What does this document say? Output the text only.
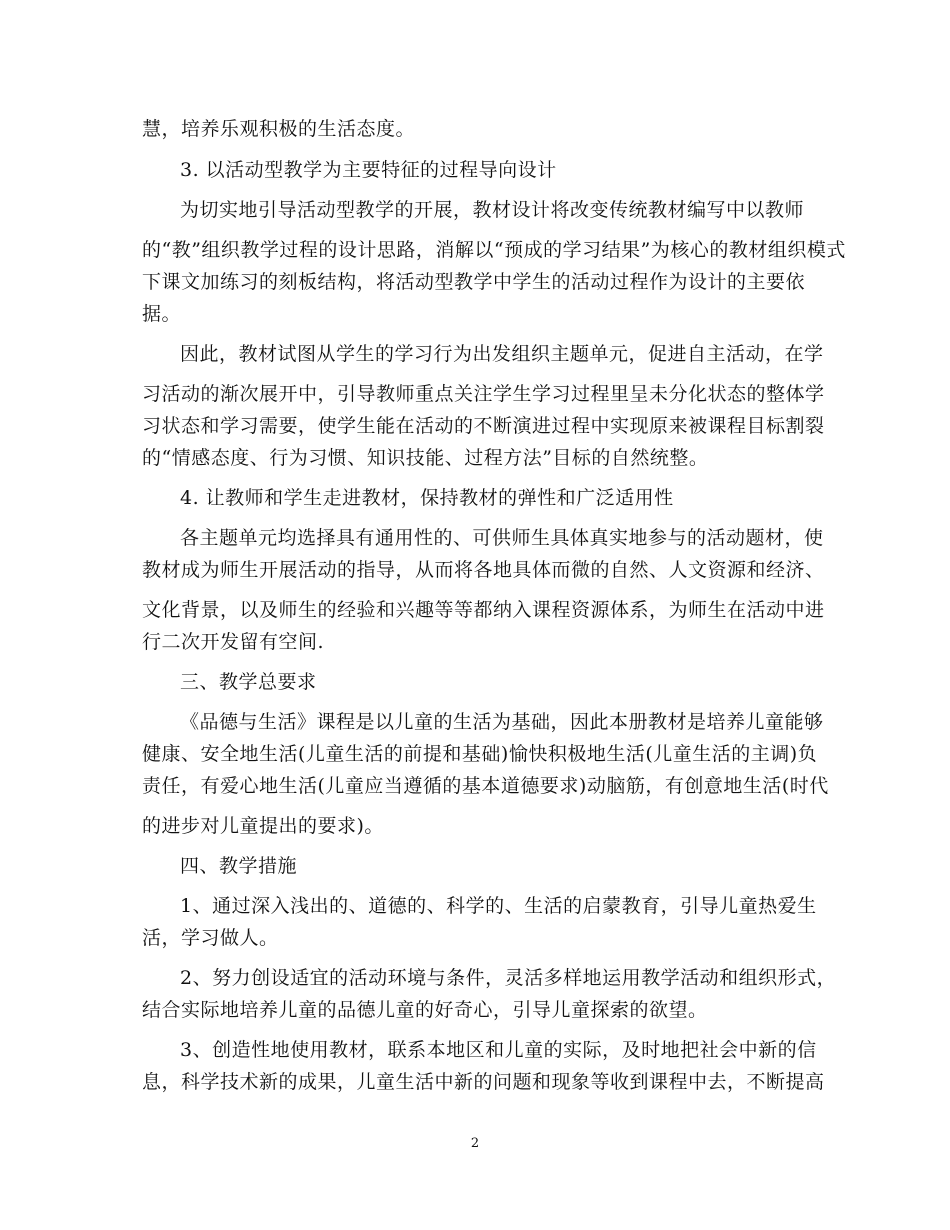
慧，培养乐观积极的生活态度。
3. 以活动型教学为主要特征的过程导向设计
为切实地引导活动型教学的开展，教材设计将改变传统教材编写中以教师
的“教”组织教学过程的设计思路，消解以“预成的学习结果”为核心的教材组织模式
下课文加练习的刻板结构，将活动型教学中学生的活动过程作为设计的主要依
据。
因此，教材试图从学生的学习行为出发组织主题单元，促进自主活动，在学
习活动的渐次展开中，引导教师重点关注学生学习过程里呈未分化状态的整体学
习状态和学习需要，使学生能在活动的不断演进过程中实现原来被课程目标割裂
的“情感态度、行为习惯、知识技能、过程方法”目标的自然统整。
4. 让教师和学生走进教材，保持教材的弹性和广泛适用性
各主题单元均选择具有通用性的、可供师生具体真实地参与的活动题材，使
教材成为师生开展活动的指导，从而将各地具体而微的自然、人文资源和经济、
文化背景，以及师生的经验和兴趣等等都纳入课程资源体系，为师生在活动中进
行二次开发留有空间.
三、教学总要求
《品德与生活》课程是以儿童的生活为基础，因此本册教材是培养儿童能够
健康、安全地生活(儿童生活的前提和基础)愉快积极地生活(儿童生活的主调)负
责任，有爱心地生活(儿童应当遵循的基本道德要求)动脑筋，有创意地生活(时代
的进步对儿童提出的要求)。
四、教学措施
1、通过深入浅出的、道德的、科学的、生活的启蒙教育，引导儿童热爱生
活，学习做人。
2、努力创设适宜的活动环境与条件，灵活多样地运用教学活动和组织形式，
结合实际地培养儿童的品德儿童的好奇心，引导儿童探索的欲望。
3、创造性地使用教材，联系本地区和儿童的实际，及时地把社会中新的信
息，科学技术新的成果，儿童生活中新的问题和现象等收到课程中去，不断提高
2
